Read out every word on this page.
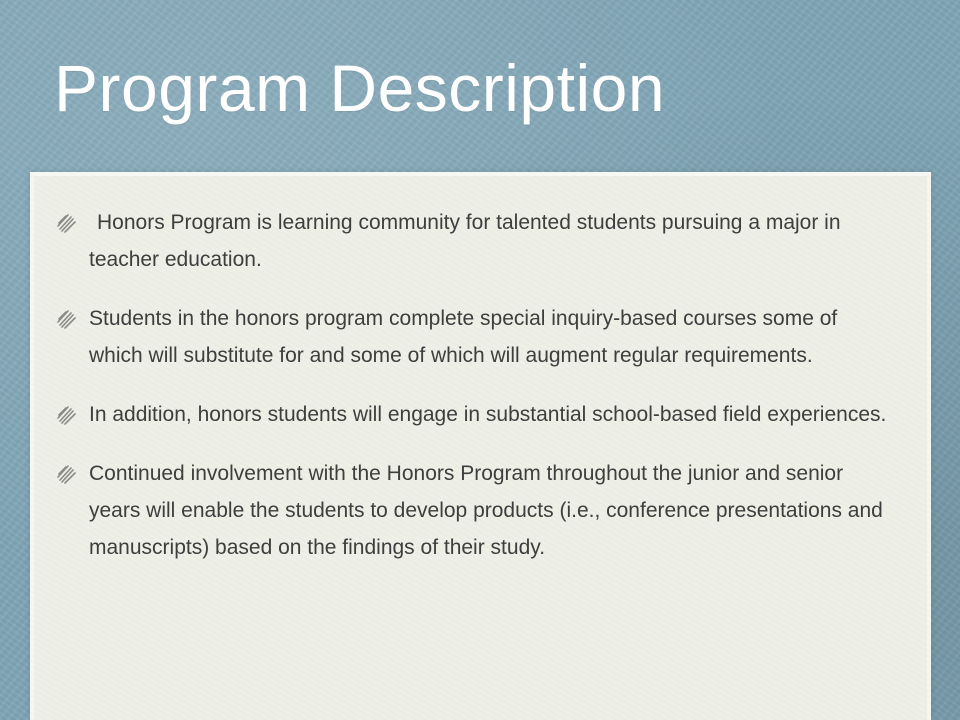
Program Description
Honors Program is learning community for talented students pursuing a major in teacher education.
Students in the honors program complete special inquiry-based courses some of which will substitute for and some of which will augment regular requirements.
In addition, honors students will engage in substantial school-based field experiences.
Continued involvement with the Honors Program throughout the junior and senior years will enable the students to develop products (i.e., conference presentations and manuscripts) based on the findings of their study.
